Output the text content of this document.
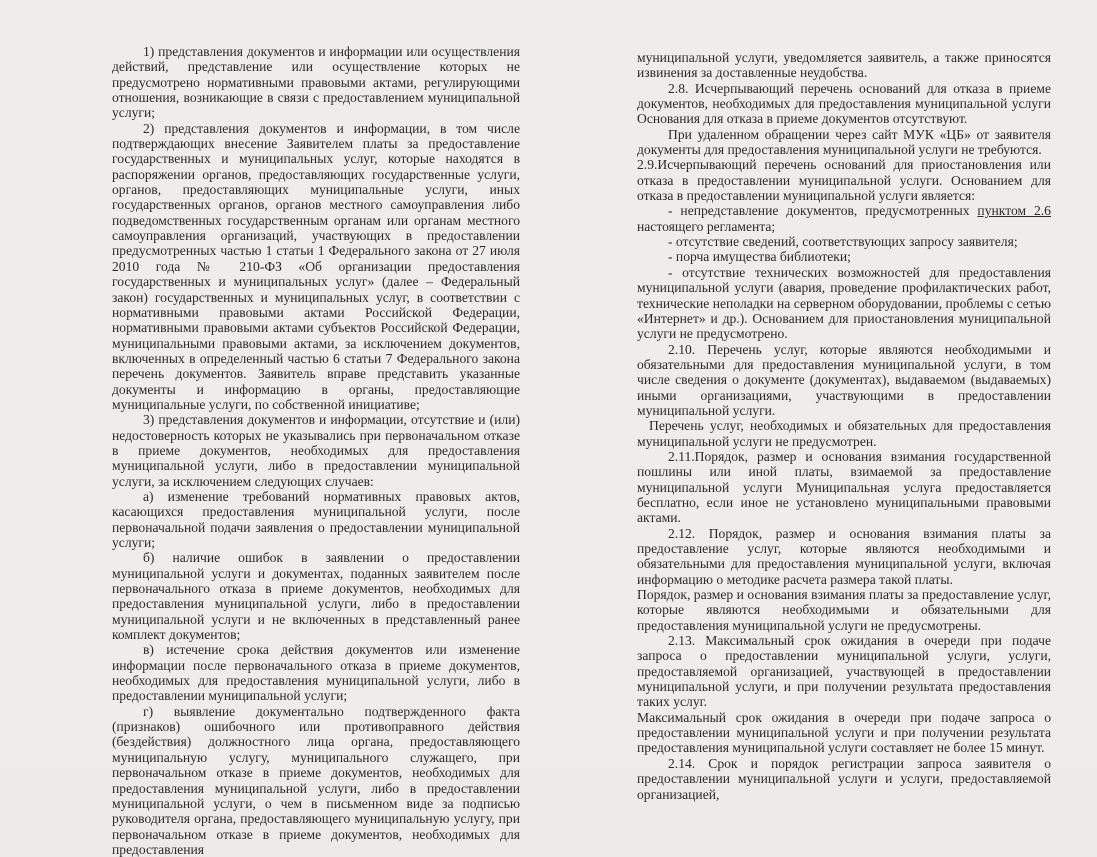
1) представления документов и информации или осуществления действий, представление или осуществление которых не предусмотрено нормативными правовыми актами, регулирующими отношения, возникающие в связи с предоставлением муниципальной услуги;

2) представления документов и информации, в том числе подтверждающих внесение Заявителем платы за предоставление государственных и муниципальных услуг, которые находятся в распоряжении органов, предоставляющих государственные услуги, органов, предоставляющих муниципальные услуги, иных государственных органов, органов местного самоуправления либо подведомственных государственным органам или органам местного самоуправления организаций, участвующих в предоставлении предусмотренных частью 1 статьи 1 Федерального закона от 27 июля 2010 года № 210-ФЗ «Об организации предоставления государственных и муниципальных услуг» (далее – Федеральный закон) государственных и муниципальных услуг, в соответствии с нормативными правовыми актами Российской Федерации, нормативными правовыми актами субъектов Российской Федерации, муниципальными правовыми актами, за исключением документов, включенных в определенный частью 6 статьи 7 Федерального закона перечень документов. Заявитель вправе представить указанные документы и информацию в органы, предоставляющие муниципальные услуги, по собственной инициативе;

3) представления документов и информации, отсутствие и (или) недостоверность которых не указывались при первоначальном отказе в приеме документов, необходимых для предоставления муниципальной услуги, либо в предоставлении муниципальной услуги, за исключением следующих случаев:

а) изменение требований нормативных правовых актов, касающихся предоставления муниципальной услуги, после первоначальной подачи заявления о предоставлении муниципальной услуги;

б) наличие ошибок в заявлении о предоставлении муниципальной услуги и документах, поданных заявителем после первоначального отказа в приеме документов, необходимых для предоставления муниципальной услуги, либо в предоставлении муниципальной услуги и не включенных в представленный ранее комплект документов;

в) истечение срока действия документов или изменение информации после первоначального отказа в приеме документов, необходимых для предоставления муниципальной услуги, либо в предоставлении муниципальной услуги;

г) выявление документально подтвержденного факта (признаков) ошибочного или противоправного действия (бездействия) должностного лица органа, предоставляющего муниципальную услугу, муниципального служащего, при первоначальном отказе в приеме документов, необходимых для предоставления муниципальной услуги, либо в предоставлении муниципальной услуги, о чем в письменном виде за подписью руководителя органа, предоставляющего муниципальную услугу, при первоначальном отказе в приеме документов, необходимых для предоставления

муниципальной услуги, уведомляется заявитель, а также приносятся извинения за доставленные неудобства.

2.8. Исчерпывающий перечень оснований для отказа в приеме документов, необходимых для предоставления муниципальной услуги Основания для отказа в приеме документов отсутствуют.

При удаленном обращении через сайт МУК «ЦБ» от заявителя документы для предоставления муниципальной услуги не требуются.

2.9.Исчерпывающий перечень оснований для приостановления или отказа в предоставлении муниципальной услуги. Основанием для отказа в предоставлении муниципальной услуги является:

- непредставление документов, предусмотренных пунктом 2.6 настоящего регламента;

- отсутствие сведений, соответствующих запросу заявителя;

- порча имущества библиотеки;

- отсутствие технических возможностей для предоставления муниципальной услуги (авария, проведение профилактических работ, технические неполадки на серверном оборудовании, проблемы с сетью «Интернет» и др.). Основанием для приостановления муниципальной услуги не предусмотрено.

2.10. Перечень услуг, которые являются необходимыми и обязательными для предоставления муниципальной услуги, в том числе сведения о документе (документах), выдаваемом (выдаваемых) иными организациями, участвующими в предоставлении муниципальной услуги.

Перечень услуг, необходимых и обязательных для предоставления муниципальной услуги не предусмотрен.

2.11.Порядок, размер и основания взимания государственной пошлины или иной платы, взимаемой за предоставление муниципальной услуги Муниципальная услуга предоставляется бесплатно, если иное не установлено муниципальными правовыми актами.

2.12. Порядок, размер и основания взимания платы за предоставление услуг, которые являются необходимыми и обязательными для предоставления муниципальной услуги, включая информацию о методике расчета размера такой платы.

Порядок, размер и основания взимания платы за предоставление услуг, которые являются необходимыми и обязательными для предоставления муниципальной услуги не предусмотрены.

2.13. Максимальный срок ожидания в очереди при подаче запроса о предоставлении муниципальной услуги, услуги, предоставляемой организацией, участвующей в предоставлении муниципальной услуги, и при получении результата предоставления таких услуг.

Максимальный срок ожидания в очереди при подаче запроса о предоставлении муниципальной услуги и при получении результата предоставления муниципальной услуги составляет не более 15 минут.

2.14. Срок и порядок регистрации запроса заявителя о предоставлении муниципальной услуги и услуги, предоставляемой организацией,
